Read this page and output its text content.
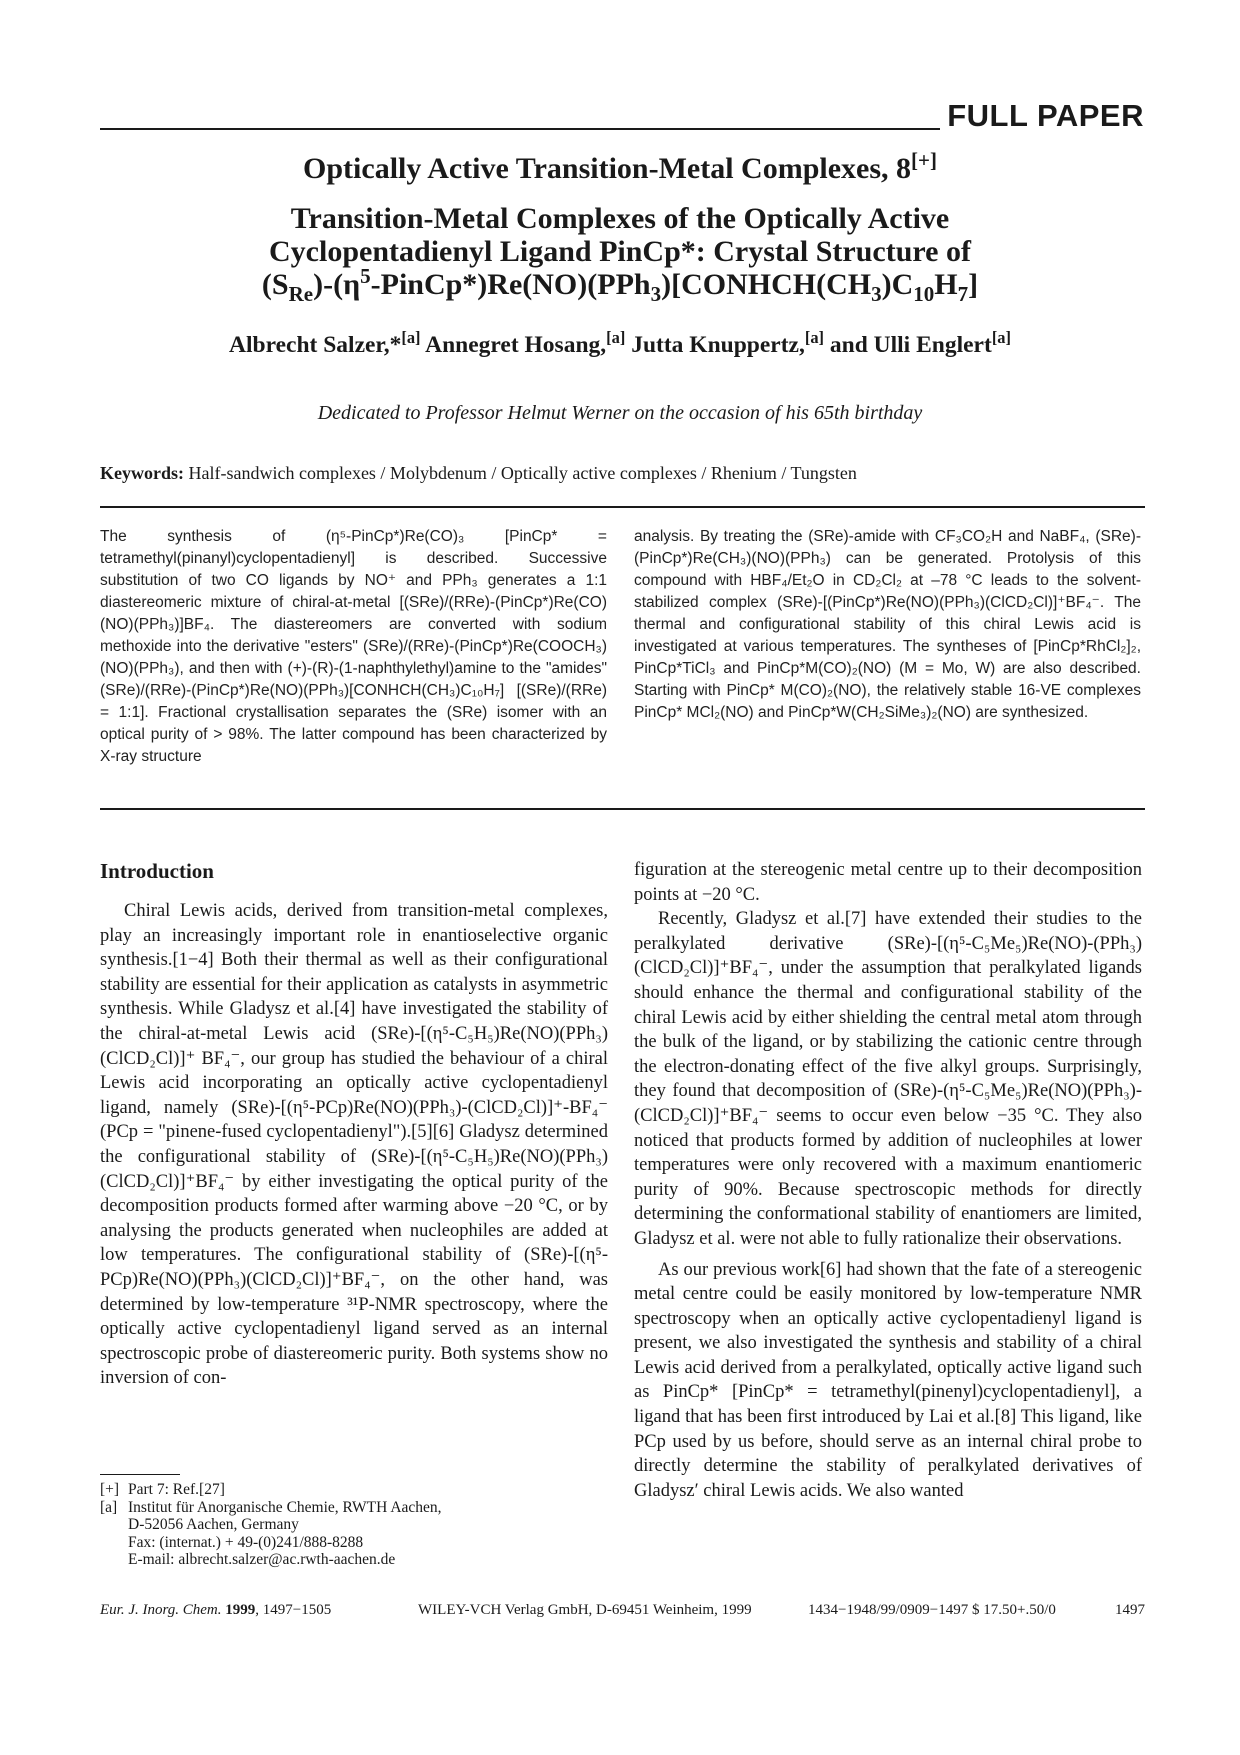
FULL PAPER
Optically Active Transition-Metal Complexes, 8[+]
Transition-Metal Complexes of the Optically Active
Cyclopentadienyl Ligand PinCp*: Crystal Structure of
$(S_{Re})-(\eta^5-PinCp*)Re(NO)(PPh_3)[CONHCH(CH_3)C_{10}H_7]$
Albrecht Salzer,*[a] Annegret Hosang,[a] Jutta Knuppertz,[a] and Ulli Englert[a]
Dedicated to Professor Helmut Werner on the occasion of his 65th birthday
Keywords: Half-sandwich complexes / Molybdenum / Optically active complexes / Rhenium / Tungsten

The synthesis of (η⁵-PinCp*)Re(CO)₃ [PinCp* = tetramethyl(pinanyl)cyclopentadienyl] is described. Successive substitution of two CO ligands by NO⁺ and PPh₃ generates a 1:1 diastereomeric mixture of chiral-at-metal [(SRe)/(RRe)-(PinCp*)Re(CO)(NO)(PPh₃)]BF₄. The diastereomers are converted with sodium methoxide into the derivative "esters" (SRe)/(RRe)-(PinCp*)Re(COOCH₃)(NO)(PPh₃), and then with (+)-(R)-(1-naphthylethyl)amine to the "amides" (SRe)/(RRe)-(PinCp*)Re(NO)(PPh₃)[CONHCH(CH₃)C₁₀H₇] [(SRe)/(RRe) = 1:1]. Fractional crystallisation separates the (SRe) isomer with an optical purity of > 98%. The latter compound has been characterized by X-ray structure

analysis. By treating the (SRe)-amide with CF₃CO₂H and NaBF₄, (SRe)-(PinCp*)Re(CH₃)(NO)(PPh₃) can be generated. Protolysis of this compound with HBF₄/Et₂O in CD₂Cl₂ at –78 °C leads to the solvent-stabilized complex (SRe)-[(PinCp*)Re(NO)(PPh₃)(ClCD₂Cl)]⁺BF₄⁻. The thermal and configurational stability of this chiral Lewis acid is investigated at various temperatures. The syntheses of [PinCp*RhCl₂]₂, PinCp*TiCl₃ and PinCp*M(CO)₂(NO) (M = Mo, W) are also described. Starting with PinCp* M(CO)₂(NO), the relatively stable 16-VE complexes PinCp* MCl₂(NO) and PinCp*W(CH₂SiMe₃)₂(NO) are synthesized.

Introduction

Chiral Lewis acids, derived from transition-metal complexes, play an increasingly important role in enantioselective organic synthesis.[1−4] Both their thermal as well as their configurational stability are essential for their application as catalysts in asymmetric synthesis. While Gladysz et al.[4] have investigated the stability of the chiral-at-metal Lewis acid (SRe)-[(η⁵-C₅H₅)Re(NO)(PPh₃)(ClCD₂Cl)]⁺ BF₄⁻, our group has studied the behaviour of a chiral Lewis acid incorporating an optically active cyclopentadienyl ligand, namely (SRe)-[(η⁵-PCp)Re(NO)(PPh₃)-(ClCD₂Cl)]⁺-BF₄⁻ (PCp = "pinene-fused cyclopentadienyl").[5][6] Gladysz determined the configurational stability of (SRe)-[(η⁵-C₅H₅)Re(NO)(PPh₃)(ClCD₂Cl)]⁺BF₄⁻ by either investigating the optical purity of the decomposition products formed after warming above −20 °C, or by analysing the products generated when nucleophiles are added at low temperatures. The configurational stability of (SRe)-[(η⁵-PCp)Re(NO)(PPh₃)(ClCD₂Cl)]⁺BF₄⁻, on the other hand, was determined by low-temperature ³¹P-NMR spectroscopy, where the optically active cyclopentadienyl ligand served as an internal spectroscopic probe of diastereomeric purity. Both systems show no inversion of con-

figuration at the stereogenic metal centre up to their decomposition points at −20 °C.

Recently, Gladysz et al.[7] have extended their studies to the peralkylated derivative (SRe)-[(η⁵-C₅Me₅)Re(NO)-(PPh₃)(ClCD₂Cl)]⁺BF₄⁻, under the assumption that peralkylated ligands should enhance the thermal and configurational stability of the chiral Lewis acid by either shielding the central metal atom through the bulk of the ligand, or by stabilizing the cationic centre through the electron-donating effect of the five alkyl groups. Surprisingly, they found that decomposition of (SRe)-(η⁵-C₅Me₅)Re(NO)(PPh₃)-(ClCD₂Cl)]⁺BF₄⁻ seems to occur even below −35 °C. They also noticed that products formed by addition of nucleophiles at lower temperatures were only recovered with a maximum enantiomeric purity of 90%. Because spectroscopic methods for directly determining the conformational stability of enantiomers are limited, Gladysz et al. were not able to fully rationalize their observations.

As our previous work[6] had shown that the fate of a stereogenic metal centre could be easily monitored by low-temperature NMR spectroscopy when an optically active cyclopentadienyl ligand is present, we also investigated the synthesis and stability of a chiral Lewis acid derived from a peralkylated, optically active ligand such as PinCp* [PinCp* = tetramethyl(pinenyl)cyclopentadienyl], a ligand that has been first introduced by Lai et al.[8] This ligand, like PCp used by us before, should serve as an internal chiral probe to directly determine the stability of peralkylated derivatives of Gladysz′ chiral Lewis acids. We also wanted

[+] Part 7: Ref.[27]
[a] Institut für Anorganische Chemie, RWTH Aachen,
D-52056 Aachen, Germany
Fax: (internat.) + 49-(0)241/888-8288
E-mail: albrecht.salzer@ac.rwth-aachen.de
Eur. J. Inorg. Chem. 1999, 1497−1505	WILEY-VCH Verlag GmbH, D-69451 Weinheim, 1999	1434−1948/99/0909−1497 $ 17.50+.50/0	1497
